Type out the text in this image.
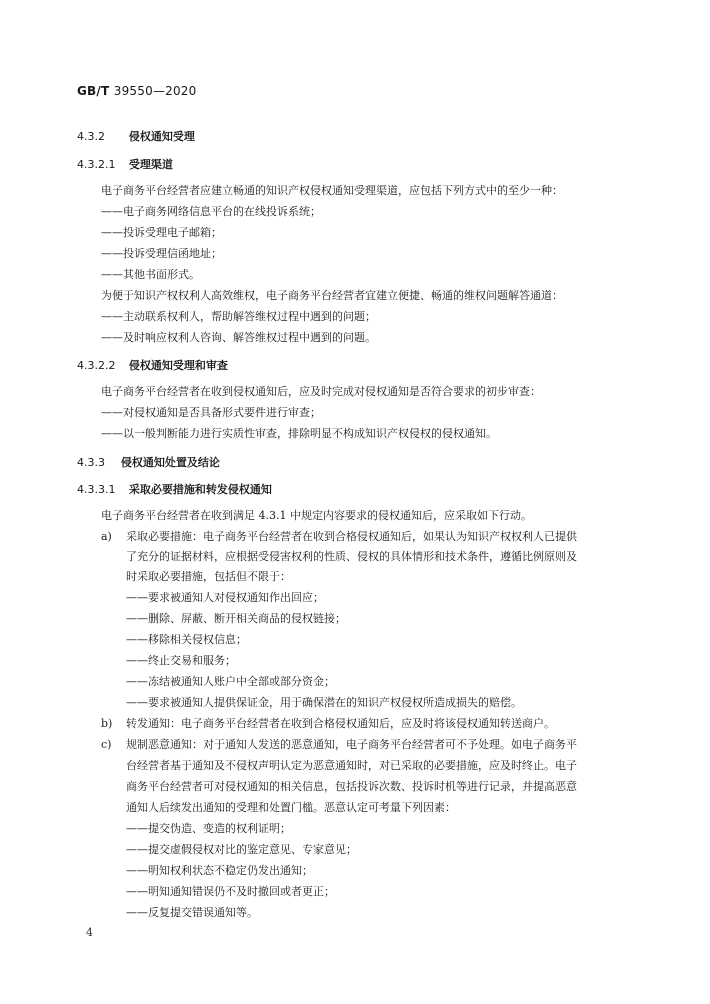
GB/T 39550—2020
4.3.2 侵权通知受理
4.3.2.1 受理渠道
电子商务平台经营者应建立畅通的知识产权侵权通知受理渠道，应包括下列方式中的至少一种：
——电子商务网络信息平台的在线投诉系统；
——投诉受理电子邮箱；
——投诉受理信函地址；
——其他书面形式。
为便于知识产权权利人高效维权，电子商务平台经营者宜建立便捷、畅通的维权问题解答通道：
——主动联系权利人，帮助解答维权过程中遇到的问题；
——及时响应权利人咨询、解答维权过程中遇到的问题。
4.3.2.2 侵权通知受理和审查
电子商务平台经营者在收到侵权通知后，应及时完成对侵权通知是否符合要求的初步审查：
——对侵权通知是否具备形式要件进行审查；
——以一般判断能力进行实质性审查，排除明显不构成知识产权侵权的侵权通知。
4.3.3 侵权通知处置及结论
4.3.3.1 采取必要措施和转发侵权通知
电子商务平台经营者在收到满足 4.3.1 中规定内容要求的侵权通知后，应采取如下行动。
a) 采取必要措施：电子商务平台经营者在收到合格侵权通知后，如果认为知识产权权利人已提供
了充分的证据材料，应根据受侵害权利的性质、侵权的具体情形和技术条件，遵循比例原则及
时采取必要措施，包括但不限于：
——要求被通知人对侵权通知作出回应；
——删除、屏蔽、断开相关商品的侵权链接；
——移除相关侵权信息；
——终止交易和服务；
——冻结被通知人账户中全部或部分资金；
——要求被通知人提供保证金，用于确保潜在的知识产权侵权所造成损失的赔偿。
b) 转发通知：电子商务平台经营者在收到合格侵权通知后，应及时将该侵权通知转送商户。
c) 规制恶意通知：对于通知人发送的恶意通知，电子商务平台经营者可不予处理。如电子商务平
台经营者基于通知及不侵权声明认定为恶意通知时，对已采取的必要措施，应及时终止。电子
商务平台经营者可对侵权通知的相关信息，包括投诉次数、投诉时机等进行记录，并提高恶意
通知人后续发出通知的受理和处置门槛。恶意认定可考量下列因素：
——提交伪造、变造的权利证明；
——提交虚假侵权对比的鉴定意见、专家意见；
——明知权利状态不稳定仍发出通知；
——明知通知错误仍不及时撤回或者更正；
——反复提交错误通知等。
4
